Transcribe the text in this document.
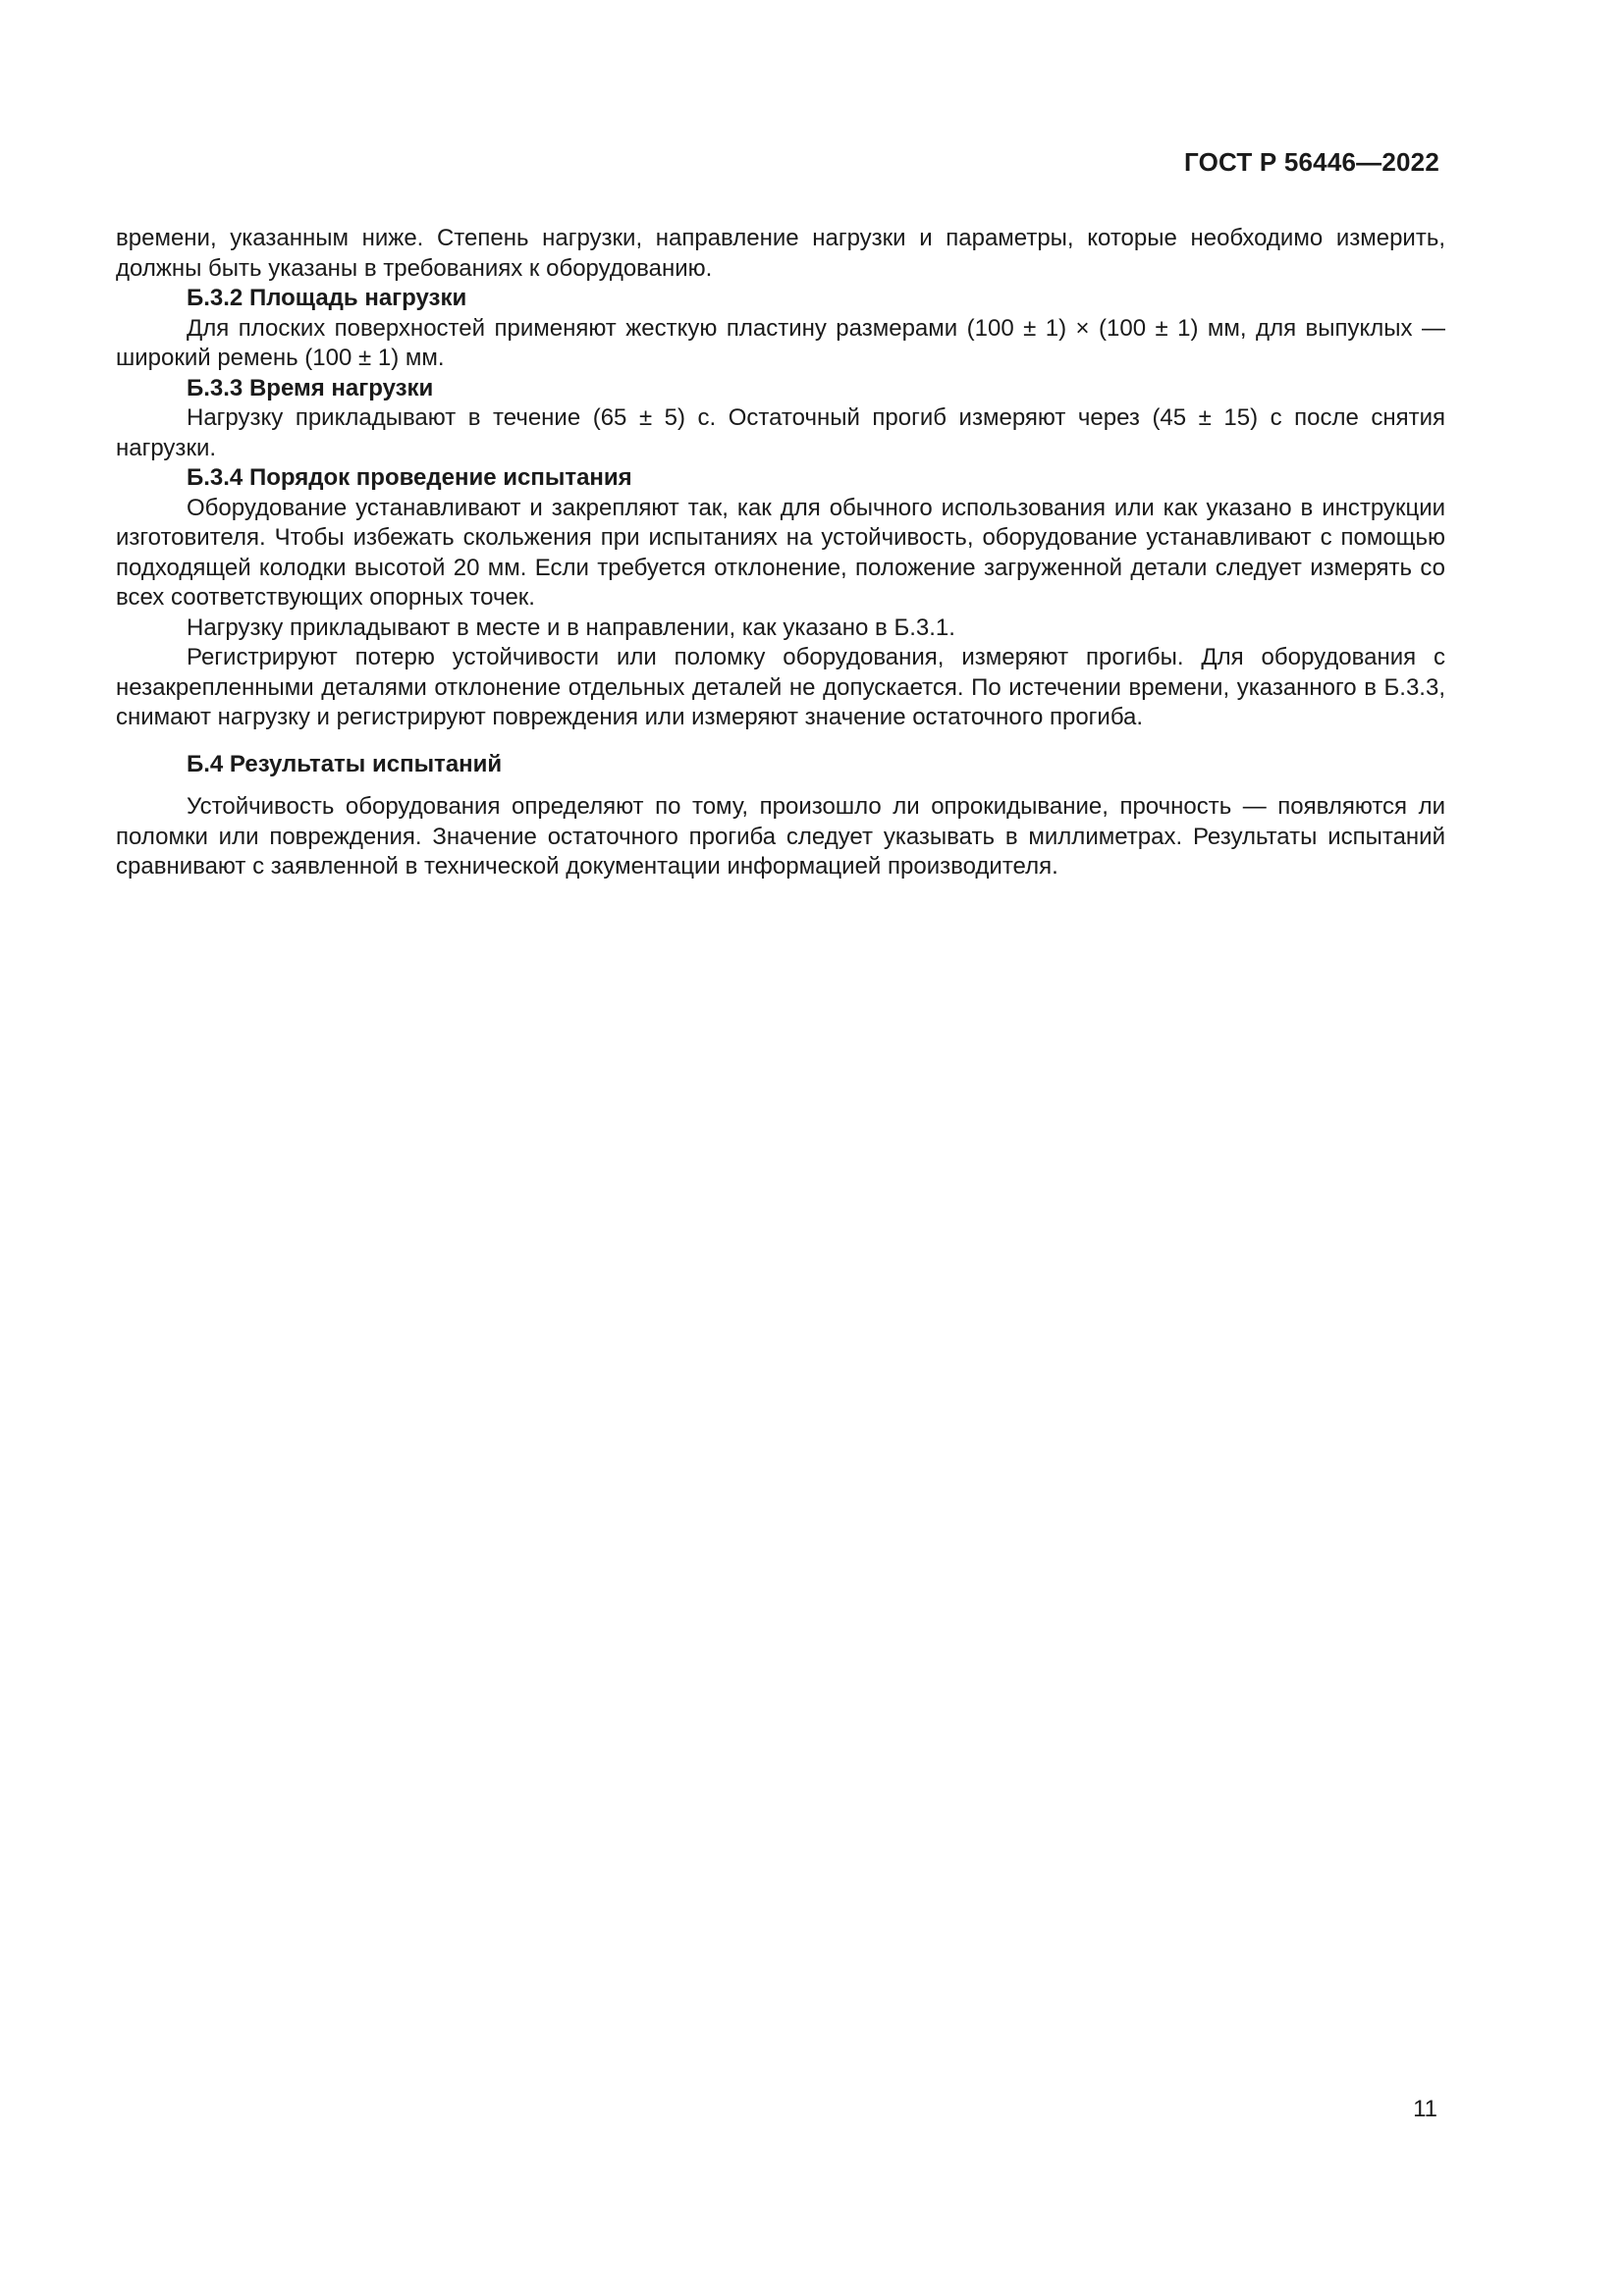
ГОСТ Р 56446—2022

времени, указанным ниже. Степень нагрузки, направление нагрузки и параметры, которые необходимо измерить, должны быть указаны в требованиях к оборудованию.

Б.3.2 Площадь нагрузки

Для плоских поверхностей применяют жесткую пластину размерами (100 ± 1) × (100 ± 1) мм, для выпуклых — широкий ремень (100 ± 1) мм.

Б.3.3 Время нагрузки

Нагрузку прикладывают в течение (65 ± 5) с. Остаточный прогиб измеряют через (45 ± 15) с после снятия нагрузки.

Б.3.4 Порядок проведение испытания

Оборудование устанавливают и закрепляют так, как для обычного использования или как указано в инструкции изготовителя. Чтобы избежать скольжения при испытаниях на устойчивость, оборудование устанавливают с помощью подходящей колодки высотой 20 мм. Если требуется отклонение, положение загруженной детали следует измерять со всех соответствующих опорных точек.

Нагрузку прикладывают в месте и в направлении, как указано в Б.3.1.

Регистрируют потерю устойчивости или поломку оборудования, измеряют прогибы. Для оборудования с незакрепленными деталями отклонение отдельных деталей не допускается. По истечении времени, указанного в Б.3.3, снимают нагрузку и регистрируют повреждения или измеряют значение остаточного прогиба.

Б.4 Результаты испытаний

Устойчивость оборудования определяют по тому, произошло ли опрокидывание, прочность — появляются ли поломки или повреждения. Значение остаточного прогиба следует указывать в миллиметрах. Результаты испытаний сравнивают с заявленной в технической документации информацией производителя.

11
